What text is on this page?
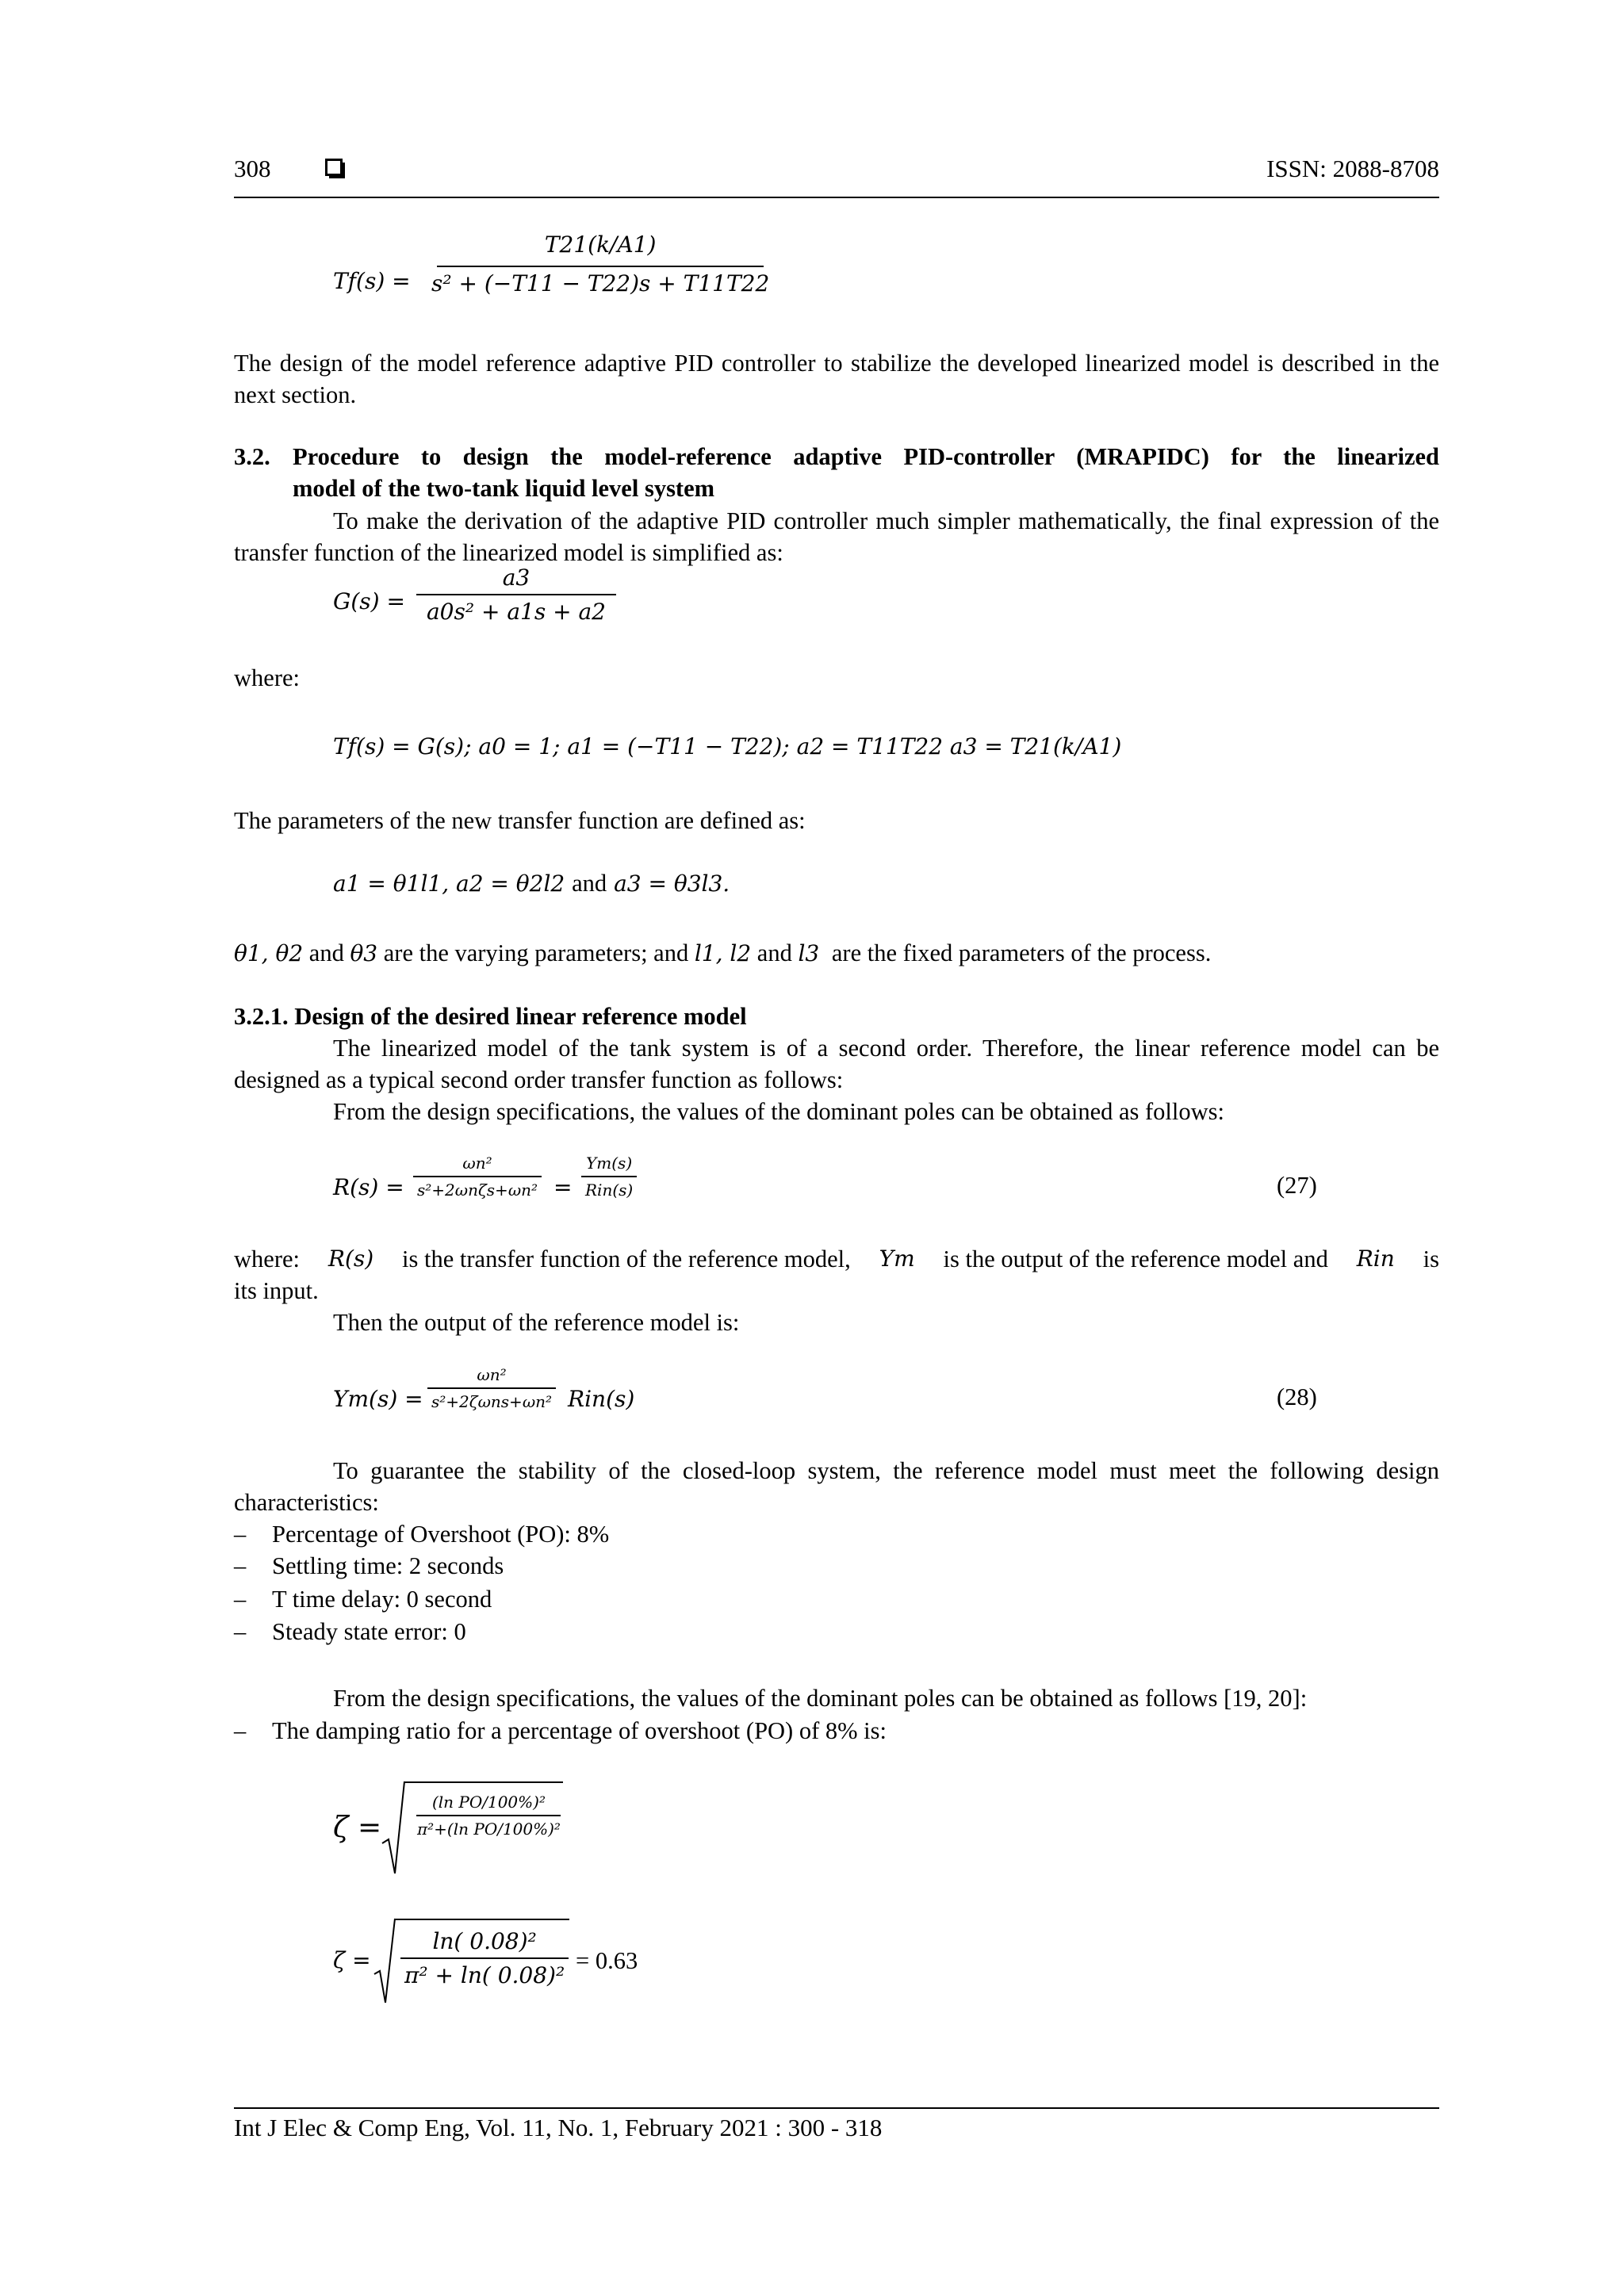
308	ISSN: 2088-8708
$Tf(s) = \frac{T21(k/A1)}{\text{s² + (−T11 − T22)s + T11T22}}$
The design of the model reference adaptive PID controller to stabilize the developed linearized model is described in the next section.
3.2. Procedure to design the model-reference adaptive PID-controller (MRAPIDC) for the linearized
model of the two-tank liquid level system
To make the derivation of the adaptive PID controller much simpler mathematically, the final expression of the transfer function of the linearized model is simplified as:
$G(s) = \frac{a3}{\text{a0s² + a1s + a2}}$
where:
Tf(s) = G(s); a0 = 1; a1 = (−T11 − T22); a2 = T11T22 a3 = T21(k/A1)
The parameters of the new transfer function are defined as:
a1 = θ1l1, a2 = θ2l2 and a3 = θ3l3.
θ1, θ2 and θ3 are the varying parameters; and l1, l2 and l3 are the fixed parameters of the process.
3.2.1. Design of the desired linear reference model
The linearized model of the tank system is of a second order. Therefore, the linear reference model can be designed as a typical second order transfer function as follows:
From the design specifications, the values of the dominant poles can be obtained as follows:
R(s) =
ωn²
s²+2ωnζs+ωn² =
Ym(s)
Rin(s)	(27)
where: R(s) is the transfer function of the reference model, Ym is the output of the reference model and Rin is
its input.
Then the output of the reference model is:
Ym(s) =
ωn²
s²+2ζωns+ωn² Rin(s)	(28)
To guarantee the stability of the closed-loop system, the reference model must meet the following design characteristics:
–	Percentage of Overshoot (PO): 8%
–	Settling time: 2 seconds
–	T time delay: 0 second
–	Steady state error: 0
From the design specifications, the values of the dominant poles can be obtained as follows [19, 20]:
–	The damping ratio for a percentage of overshoot (PO) of 8% is:
$\zeta = \frac{\text{(ln PO/100\%)²}}{\text{π²+(ln PO/100\%)²}}$
$\zeta = \frac{\text{ln( 0.08)²}}{\text{π² + ln( 0.08)²}} = 0.63$
Int J Elec & Comp Eng, Vol. 11, No. 1, February 2021 : 300 - 318
